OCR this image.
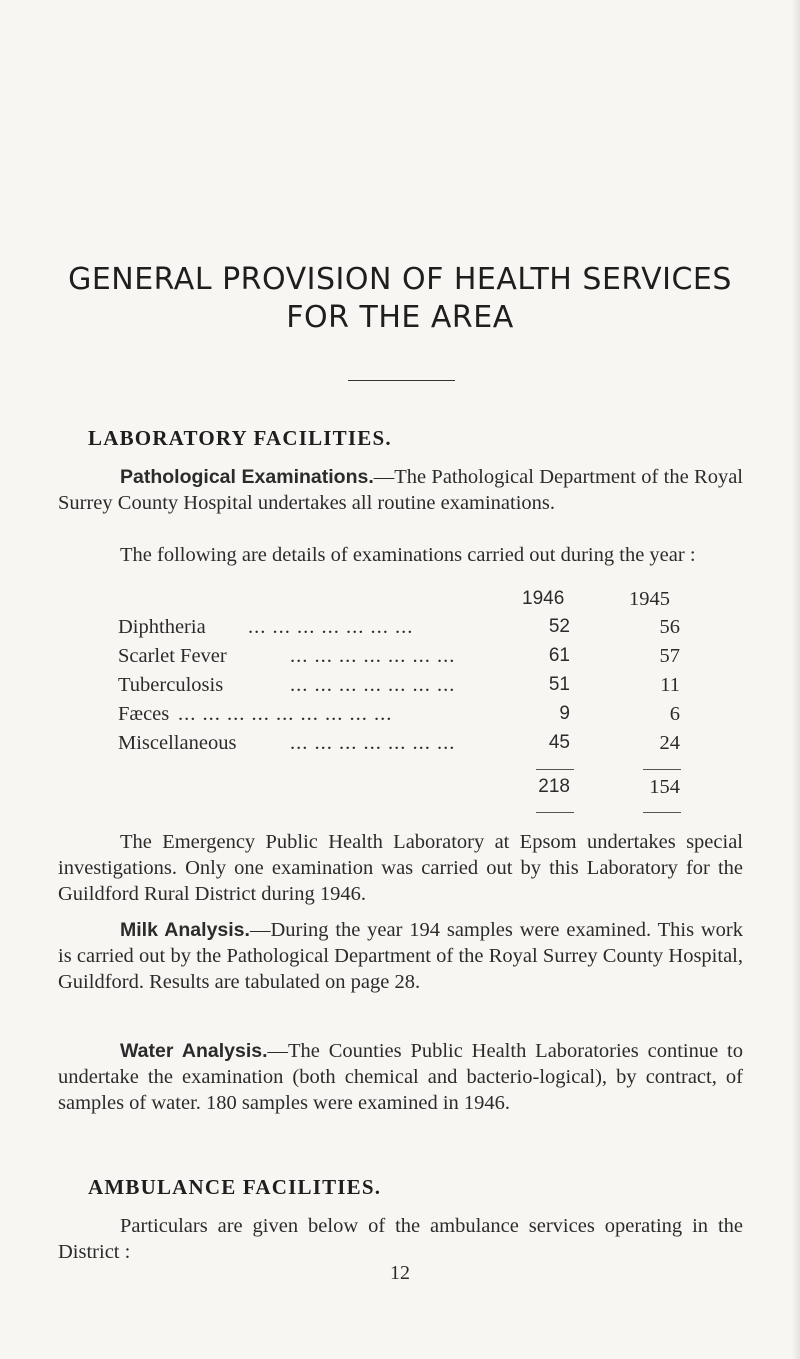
GENERAL PROVISION OF HEALTH SERVICES
FOR THE AREA
LABORATORY FACILITIES.
Pathological Examinations.—The Pathological Department of the Royal Surrey County Hospital undertakes all routine examinations.
The following are details of examinations carried out during the year :
1946	1945
Diphtheria ... ... ... ... ... ... ...	52	56
Scarlet Fever	... ... ... ... ... ... ...	61	57
Tuberculosis	... ... ... ... ... ... ...	51	11
Fæces ... ... ... ... ... ... ... ... ...	9	6
Miscellaneous	... ... ... ... ... ... ...	45	24
218	154
The Emergency Public Health Laboratory at Epsom undertakes special investigations. Only one examination was carried out by this Laboratory for the Guildford Rural District during 1946.
Milk Analysis.—During the year 194 samples were examined. This work is carried out by the Pathological Department of the Royal Surrey County Hospital, Guildford. Results are tabulated on page 28.
Water Analysis.—The Counties Public Health Laboratories continue to undertake the examination (both chemical and bacterio-logical), by contract, of samples of water. 180 samples were examined in 1946.
AMBULANCE FACILITIES.
Particulars are given below of the ambulance services operating in the District :
12
